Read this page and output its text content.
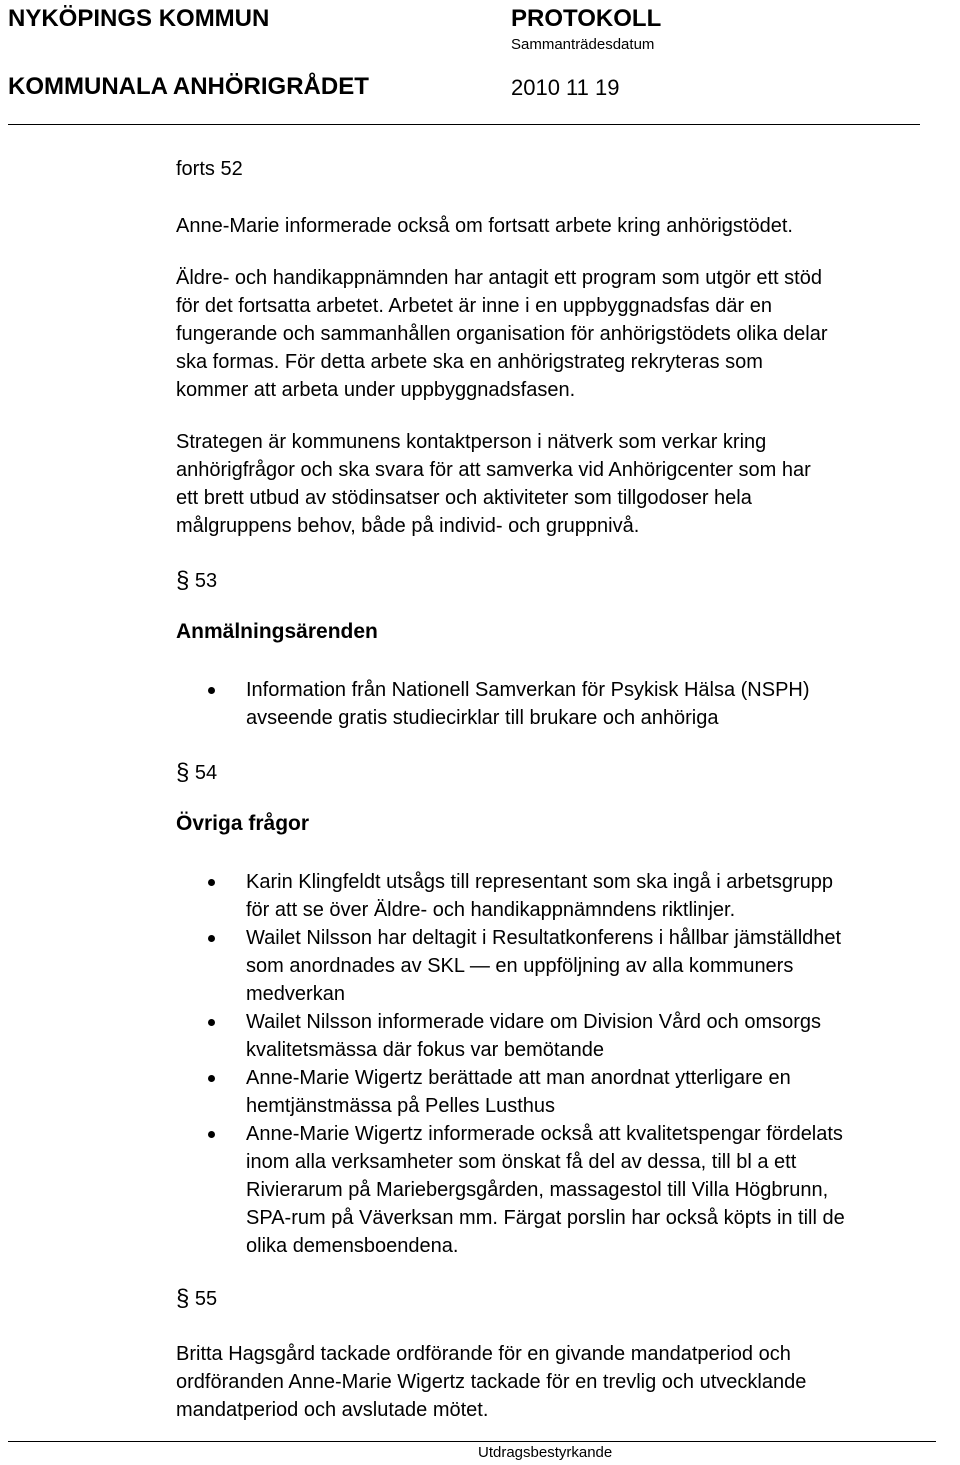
NYKÖPINGS KOMMUN
KOMMUNALA ANHÖRIGRÅDET
PROTOKOLL
Sammanträdesdatum
2010 11 19
forts 52
Anne-Marie informerade också om fortsatt arbete kring anhörigstödet.
Äldre- och handikappnämnden har antagit ett program som utgör ett stöd
för det fortsatta arbetet. Arbetet är inne i en uppbyggnadsfas där en
fungerande och sammanhållen organisation för anhörigstödets olika delar
ska formas. För detta arbete ska en anhörigstrateg rekryteras som
kommer att arbeta under uppbyggnadsfasen.
Strategen är kommunens kontaktperson i nätverk som verkar kring
anhörigfrågor och ska svara för att samverka vid Anhörigcenter som har
ett brett utbud av stödinsatser och aktiviteter som tillgodoser hela
målgruppens behov, både på individ- och gruppnivå.
§ 53
Anmälningsärenden
Information från Nationell Samverkan för Psykisk Hälsa (NSPH)
avseende gratis studiecirklar till brukare och anhöriga
§ 54
Övriga frågor
Karin Klingfeldt utsågs till representant som ska ingå i arbetsgrupp
för att se över Äldre- och handikappnämndens riktlinjer.
Wailet Nilsson har deltagit i Resultatkonferens i hållbar jämställdhet
som anordnades av SKL — en uppföljning av alla kommuners
medverkan
Wailet Nilsson informerade vidare om Division Vård och omsorgs
kvalitetsmässa där fokus var bemötande
Anne-Marie Wigertz berättade att man anordnat ytterligare en
hemtjänstmässa på Pelles Lusthus
Anne-Marie Wigertz informerade också att kvalitetspengar fördelats
inom alla verksamheter som önskat få del av dessa, till bl a ett
Rivierarum på Mariebergsgården, massagestol till Villa Högbrunn,
SPA-rum på Väverksan mm. Färgat porslin har också köpts in till de
olika demensboendena.
§ 55
Britta Hagsgård tackade ordförande för en givande mandatperiod och
ordföranden Anne-Marie Wigertz tackade för en trevlig och utvecklande
mandatperiod och avslutade mötet.
Utdragsbestyrkande
